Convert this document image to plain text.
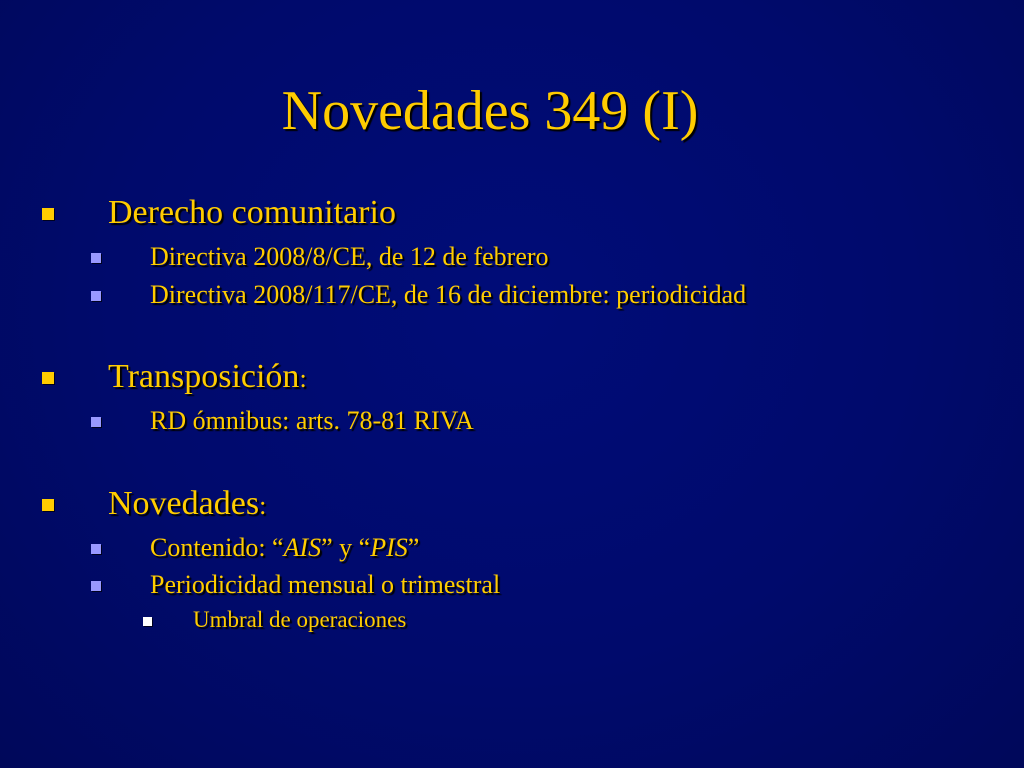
Novedades 349 (I)
Derecho comunitario
Directiva 2008/8/CE, de 12 de febrero
Directiva 2008/117/CE, de 16 de diciembre: periodicidad
Transposición:
RD ómnibus: arts. 78-81 RIVA
Novedades:
Contenido: “AIS” y “PIS”
Periodicidad mensual o trimestral
Umbral de operaciones
